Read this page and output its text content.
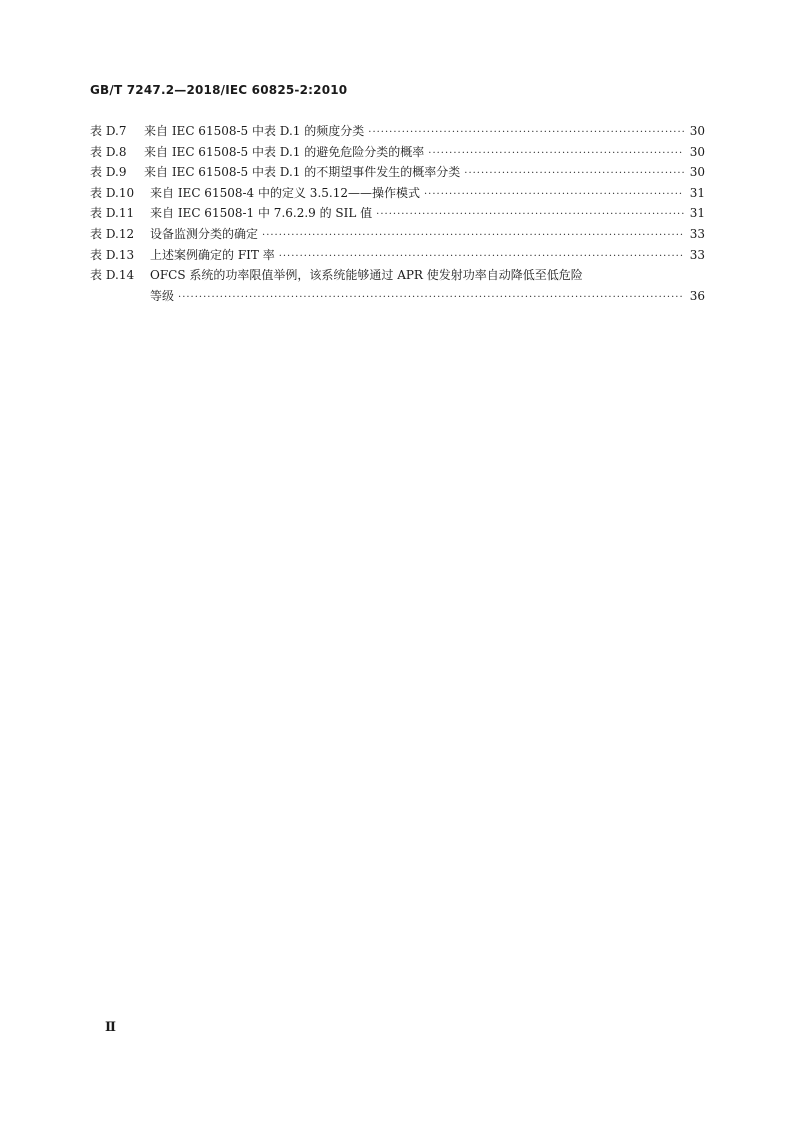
GB/T 7247.2—2018/IEC 60825-2:2010
表 D.7	来自 IEC 61508-5 中表 D.1 的频度分类 ·····	30
表 D.8	来自 IEC 61508-5 中表 D.1 的避免危险分类的概率 ·····	30
表 D.9	来自 IEC 61508-5 中表 D.1 的不期望事件发生的概率分类 ·····	30
表 D.10	来自 IEC 61508-4 中的定义 3.5.12——操作模式 ·····	31
表 D.11	来自 IEC 61508-1 中 7.6.2.9 的 SIL 值 ·····	31
表 D.12	设备监测分类的确定 ·····	33
表 D.13	上述案例确定的 FIT 率 ·····	33
表 D.14	OFCS 系统的功率限值举例，该系统能够通过 APR 使发射功率自动降低至低危险
等级 ·····	36
Ⅱ
